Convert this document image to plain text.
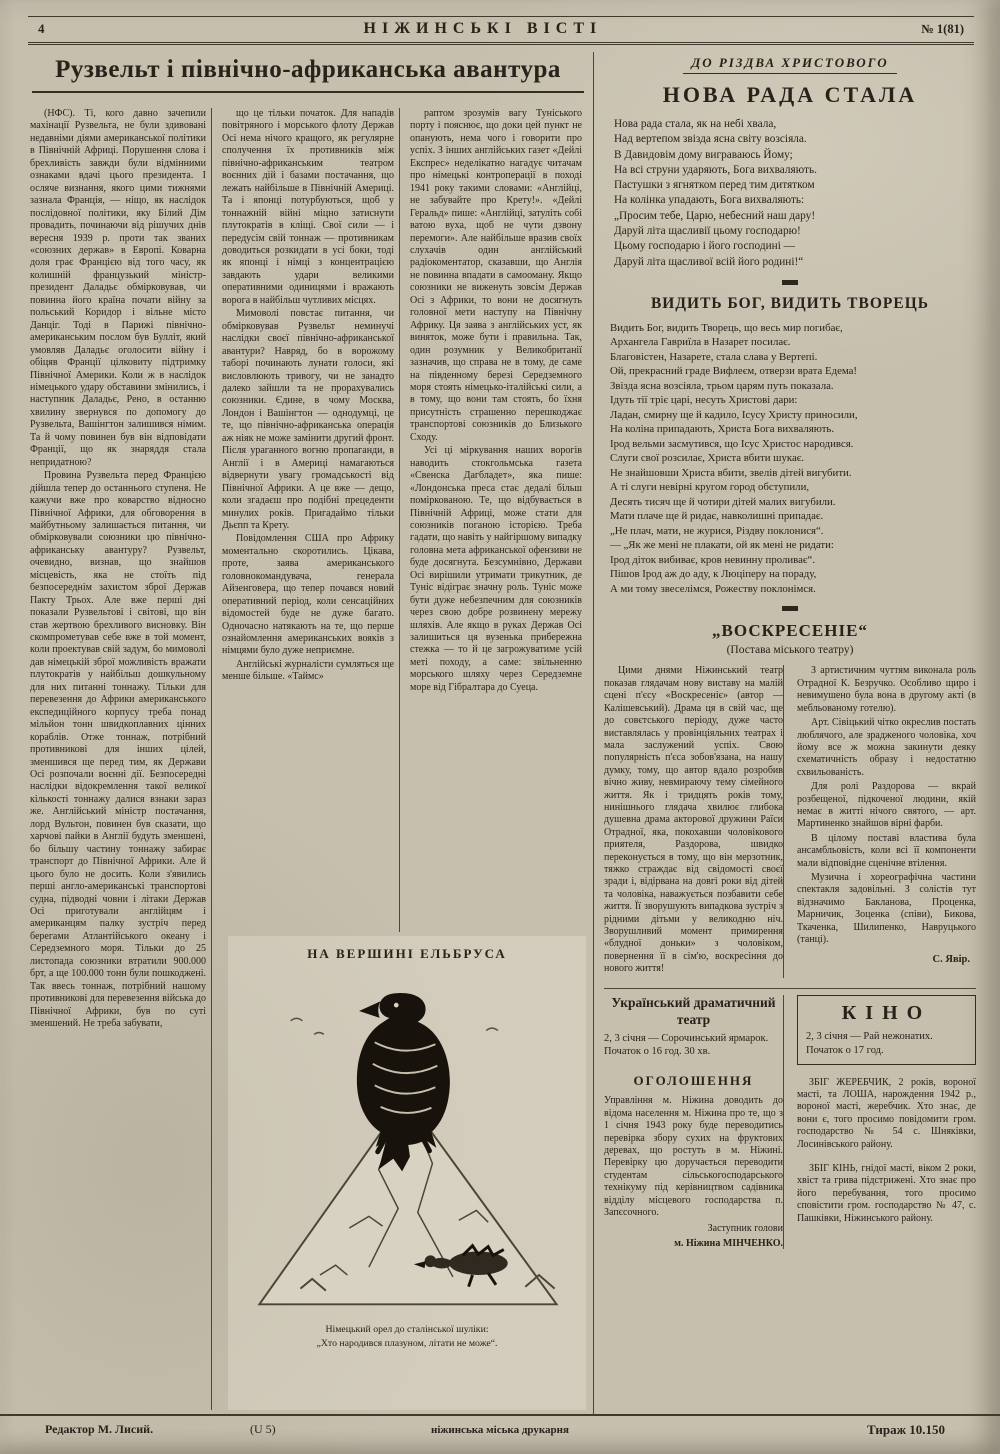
4	НІЖИНСЬКІ ВІСТІ	№ 1(81)
Рузвельт і північно-африканська авантура

(НФС). Ті, кого давно зачепили махінації Рузвельта, не були здивовані недавніми діями американської політики в Північній Африці. Порушення слова і брехливість завжди були відмінними ознаками вдачі цього президента. І осляче визнання, якого цими тижнями зазнала Франція, — ніщо, як наслідок послідовної політики, яку Білий Дім провадить, починаючи від рішучих днів вересня 1939 р. проти так званих «союзних держав» в Европі. Коварна доля грає Францією від того часу, як колишній французький міністр-президент Даладьє обмірковував, чи повинна його країна почати війну за польський Коридор і вільне місто Данціг. Тоді в Парижі північно-американським послом був Булліт, який умовляв Даладьє оголосити війну і обіцяв Франції цілковиту підтримку Північної Америки. Коли ж в наслідок німецького удару обставини змінились, і наступник Даладьє, Рено, в останню хвилину звернувся по допомогу до Рузвельта, Вашінгтон залишився німим. Та й чому повинен був він відповідати Франції, що як знаряддя стала непридатною?

Провина Рузвельта перед Францією дійшла тепер до останнього ступеня. Не кажучи вже про коварство відносно Північної Африки, для обговорення в майбутньому залишається питання, чи обмірковували союзники цю північно-африканську авантуру? Рузвельт, очевидно, визнав, що знайшов місцевість, яка не стоїть під безпосереднім захистом зброї Держав Пакту Трьох. Але вже перші дні показали Рузвельтові і світові, що він став жертвою брехливого висновку. Він скомпрометував себе вже в той момент, коли проектував свій задум, бо мимоволі дав німецькій зброї можливість вражати плутократів у найбільш дошкульному для них питанні тоннажу. Тільки для перевезення до Африки американського експедиційного корпусу треба понад мільйон тонн швидкоплавних цінних кораблів. Отже тоннаж, потрібний противникові для інших цілей, зменшився ще перед тим, як Держави Осі розпочали воєнні дії. Безпосередні наслідки відокремлення такої великої кількості тоннажу далися взнаки зараз же. Англійський міністр постачання, лорд Вультон, повинен був сказати, що харчові пайки в Англії будуть зменшені, бо більшу частину тоннажу забирає транспорт до Північної Африки. Але й цього було не досить. Коли з'явились перші англо-американські транспортові судна, підводні човни і літаки Держав Осі приготували англійцям і американцям палку зустріч перед берегами Атлантійського океану і Середземного моря. Тільки до 25 листопада союзники втратили 900.000 брт, а ще 100.000 тонн були пошкоджені. Так ввесь тоннаж, потрібний нашому противникові для перевезення війська до Північної Африки, був по суті зменшений. Не треба забувати,

що це тільки початок. Для нападів повітряного і морського флоту Держав Осі нема нічого кращого, як регулярне сполучення їх противників між північно-африканським театром воєнних дій і базами постачання, що лежать найбільше в Північній Америці. Та і японці потурбуються, щоб у тоннажній війні міцно затиснути плутократів в кліщі. Свої сили — і передусім свій тоннаж — противникам доводиться розкидати в усі боки, тоді як японці і німці з концентрацією завдають удари великими оперативними одиницями і вражають ворога в найбільш чутливих місцях.

Мимоволі повстає питання, чи обмірковував Рузвельт неминучі наслідки своєї північно-африканської авантури? Навряд, бо в ворожому таборі починають лунати голоси, які висловлюють тривогу, чи не занадто далеко зайшли та не прорахувались союзники. Єдине, в чому Москва, Лондон і Вашінгтон — однодумці, це те, що північно-африканська операція аж ніяк не може замінити другий фронт. Після ураганного вогню пропаганди, в Англії і в Америці намагаються відвернути увагу громадськості від Північної Африки. А це вже — дещо, коли згадаєш про подібні прецеденти минулих років. Пригадаймо тільки Дьєпп та Крету.

Повідомлення США про Африку моментально скоротились. Цікава, проте, заява американського головнокомандувача, генерала Айзенговера, що тепер почався новий оперативний період, коли сенсаційних відомостей буде не дуже багато. Одночасно натякають на те, що перше ознайомлення американських вояків з німцями було дуже неприємне.

Англійські журналісти сумляться ще менше більше. «Таймс»

раптом зрозумів вагу Туніського порту і пояснює, що доки цей пункт не опанують, нема чого і говорити про успіх. З інших англійських газет «Дейлі Експрес» неделікатно нагадує читачам про німецькі контроперації в поході 1941 року такими словами: «Англійці, не забувайте про Крету!». «Дейлі Геральд» пише: «Англійці, затуліть собі ватою вуха, щоб не чути дзвону перемоги». Але найбільше вразив своїх слухачів один англійський радіокоментатор, сказавши, що Англія не повинна впадати в самооману. Якщо союзники не виженуть зовсім Держав Осі з Африки, то вони не досягнуть головної мети наступу на Північну Африку. Ця заява з англійських уст, як виняток, може бути і правильна. Так, один розумник у Великобританії зазначив, що справа не в тому, де саме на південному березі Середземного моря стоять німецько-італійські сили, а в тому, що вони там стоять, бо їхня присутність страшенно перешкоджає транспортові союзників до Близького Сходу.

Усі ці міркування наших ворогів наводить стокгольмська газета «Свенска Дагбладет», яка пише: «Лондонська преса стає дедалі більш поміркованою. Те, що відбувається в Північній Африці, може стати для союзників поганою історією. Треба гадати, що навіть у найгіршому випадку головна мета африканської офензиви не буде досягнута. Безсумнівно, Держави Осі вирішили утримати трикутник, де Туніс відіграє значну роль. Туніс може бути дуже небезпечним для союзників через свою добре розвинену мережу шляхів. Але якщо в руках Держав Осі залишиться ця вузенька прибережна стежка — то й це загрожуватиме усій меті походу, а саме: звільненню морського шляху через Середземне море від Гібралтара до Суеца.

НА ВЕРШИНІ ЕЛЬБРУСА
Німецький орел до сталінської шуліки:
„Хто народився плазуном, літати не може“.
ДО РІЗДВА ХРИСТОВОГО
НОВА РАДА СТАЛА
Нова рада стала, як на небі хвала,
Над вертепом звізда ясна світу возсіяла.
В Давидовім дому виграваюсь Йому;
На всі струни ударяють, Бога вихваляють.
Пастушки з ягнятком перед тим дитятком
На колінка упадають, Бога вихваляють:
„Просим тебе, Царю, небесний наш дару!
Даруй літа щасливії цьому господарю!
Цьому господарю і його господині —
Даруй літа щасливої всій його родині!“
ВИДИТЬ БОГ, ВИДИТЬ ТВОРЕЦЬ
Видить Бог, видить Творець, що весь мир погибає,
Архангела Гавриїла в Назарет посилає.
Благовістен, Назарете, стала слава у Вертепі.
Ой, прекрасний граде Вифлеєм, отверзи врата Едема!
Звізда ясна возсіяла, трьом царям путь показала.
Ідуть тії тріє царі, несуть Христові дари:
Ладан, смирну ще й кадило, Ісусу Христу приносили,
На коліна припадають, Христа Бога вихваляють.
Ірод вельми засмутився, що Ісус Христос народився.
Слуги свої розсилає, Христа вбити шукає.
Не знайшовши Христа вбити, звелів дітей вигубити.
А ті слуги невірні кругом город обступили,
Десять тисяч ще й чотири дітей малих вигубили.
Мати плаче ще й ридає, навколишні припадає.
„Не плач, мати, не журися, Різдву поклонися“.
— „Як же мені не плакати, ой як мені не ридати:
Ірод діток вибиває, кров невинну проливає“.
Пішов Ірод аж до аду, к Люціперу на пораду,
А ми тому звеселімся, Рожеству поклонімся.
„ВОСКРЕСЕНІЕ“
(Постава міського театру)

Цими днями Ніжинський театр показав глядачам нову виставу на малій сцені п'єсу «Воскресеніє» (автор — Калішевський). Драма ця в свій час, ще до совєтського періоду, дуже часто виставлялась у провінціяльних театрах і мала заслужений успіх. Свою популярність п'єса зобов'язана, на нашу думку, тому, що автор вдало розробив вічно живу, невмираючу тему сімейного життя. Як і тридцять років тому, нинішнього глядача хвилює глибока душевна драма акторової дружини Раїси Отрадної, яка, покохавши чоловікового приятеля, Раздорова, швидко переконується в тому, що він мерзотник, тяжко страждає від свідомості своєї зради і, відірвана на довгі роки від дітей та чоловіка, наважується позбавити себе життя. Її зворушують випадкова зустріч з рідними дітьми у великодню ніч. Зворушливий момент примирення «блудної доньки» з чоловіком, повернення її в сім'ю, воскресіння до нового життя!

З артистичним чуттям виконала роль Отрадної К. Безручко. Особливо щиро і невимушено була вона в другому акті (в мебльованому готелю).

Арт. Сівіцький чітко окреслив постать люблячого, але зрадженого чоловіка, хоч йому все ж можна закинути деяку схематичність образу і недостатню схвильованість.

Для ролі Раздорова — вкрай розбещеної, підкоченої людини, якій немає в житті нічого святого, — арт. Мартиненко знайшов вірні фарби.

В цілому поставі властива була ансамбльовість, коли всі її компоненти мали відповідне сценічне втілення.

Музична і хореографічна частини спектакля задовільні. З солістів тут відзначимо Бакланова, Проценка, Марничик, Зоценка (співи), Бикова, Ткаченка, Шилипенко, Навруцького (танці).

С. Явір.
Український драматичний театр
2, 3 січня — Сорочинський ярмарок.
Початок о 16 год. 30 хв.
ОГОЛОШЕННЯ
Управління м. Ніжина доводить до відома населення м. Ніжина про те, що з 1 січня 1943 року буде переводитись перевірка збору сухих на фруктових деревах, що ростуть в м. Ніжині. Перевірку цю доручається переводити студентам сільськогосподарського технікуму під керівництвом садівника відділу місцевого господарства п. Запєсочного.
Заступник голови
м. Ніжина МІНЧЕНКО.
КІНО
2, 3 січня — Рай нежонатих.
Початок о 17 год.

ЗБІГ ЖЕРЕБЧИК, 2 років, вороної масті, та ЛОША, нарождення 1942 р., вороної масті, жеребчик. Хто знає, де вони є, того просимо повідомити гром. господарство № 54 с. Шняківки, Лосинівського району.

ЗБІГ КІНЬ, гнідої масті, віком 2 роки, хвіст та грива підстрижені. Хто знає про його перебування, того просимо сповістити гром. господарство № 47, с. Пашківки, Ніжинського району.

Редактор М. Лисий.	(U 5)	ніжинська міська друкарня	Тираж 10.150
